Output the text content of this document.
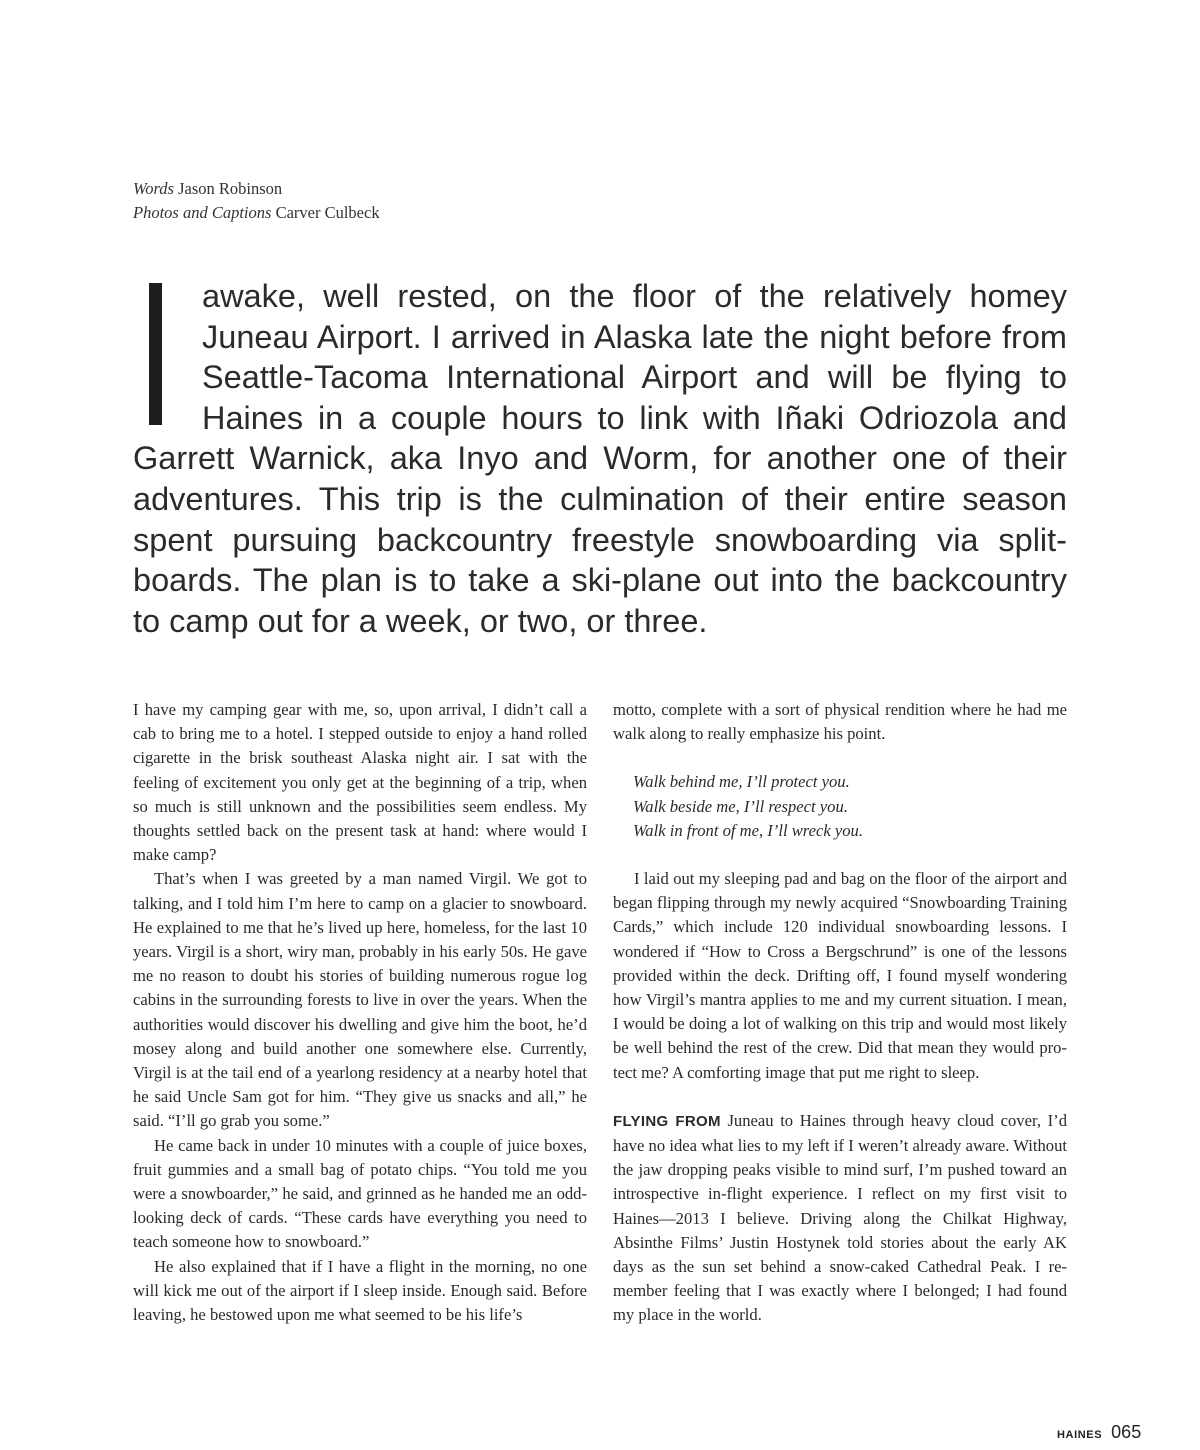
Words Jason Robinson
Photos and Captions Carver Culbeck
awake, well rested, on the floor of the relatively homey Juneau Airport. I arrived in Alaska late the night before from Seattle-Tacoma International Airport and will be flying to Haines in a couple hours to link with Iñaki Odriozola and Garrett Warnick, aka Inyo and Worm, for another one of their adventures. This trip is the culmination of their entire season spent pursuing backcountry freestyle snowboarding via split-boards. The plan is to take a ski-plane out into the backcountry to camp out for a week, or two, or three.

I have my camping gear with me, so, upon arrival, I didn’t call a cab to bring me to a hotel. I stepped outside to enjoy a hand rolled cigarette in the brisk southeast Alaska night air. I sat with the feeling of excitement you only get at the beginning of a trip, when so much is still unknown and the possibilities seem endless. My thoughts settled back on the present task at hand: where would I make camp?

That’s when I was greeted by a man named Virgil. We got to talking, and I told him I’m here to camp on a glacier to snowboard. He explained to me that he’s lived up here, homeless, for the last 10 years. Virgil is a short, wiry man, probably in his early 50s. He gave me no reason to doubt his stories of building numerous rogue log cabins in the surrounding forests to live in over the years. When the authorities would discover his dwelling and give him the boot, he’d mosey along and build another one somewhere else. Currently, Virgil is at the tail end of a yearlong residency at a nearby hotel that he said Uncle Sam got for him. “They give us snacks and all,” he said. “I’ll go grab you some.”

He came back in under 10 minutes with a couple of juice boxes, fruit gummies and a small bag of potato chips. “You told me you were a snowboarder,” he said, and grinned as he handed me an odd-looking deck of cards. “These cards have everything you need to teach someone how to snowboard.”

He also explained that if I have a flight in the morning, no one will kick me out of the airport if I sleep inside. Enough said. Before leaving, he bestowed upon me what seemed to be his life’s

motto, complete with a sort of physical rendition where he had me walk along to really emphasize his point.

Walk behind me, I’ll protect you.
Walk beside me, I’ll respect you.
Walk in front of me, I’ll wreck you.

I laid out my sleeping pad and bag on the floor of the airport and began flipping through my newly acquired “Snowboarding Training Cards,” which include 120 individual snowboarding lessons. I wondered if “How to Cross a Bergschrund” is one of the lessons provided within the deck. Drifting off, I found myself wondering how Virgil’s mantra applies to me and my current situation. I mean, I would be doing a lot of walking on this trip and would most likely be well behind the rest of the crew. Did that mean they would protect me? A comforting image that put me right to sleep.

FLYING FROM Juneau to Haines through heavy cloud cover, I’d have no idea what lies to my left if I weren’t already aware. Without the jaw dropping peaks visible to mind surf, I’m pushed toward an introspective in-flight experience. I reflect on my first visit to Haines—2013 I believe. Driving along the Chilkat Highway, Absinthe Films’ Justin Hostynek told stories about the early AK days as the sun set behind a snow-caked Cathedral Peak. I remember feeling that I was exactly where I belonged; I had found my place in the world.

HAINES 065
